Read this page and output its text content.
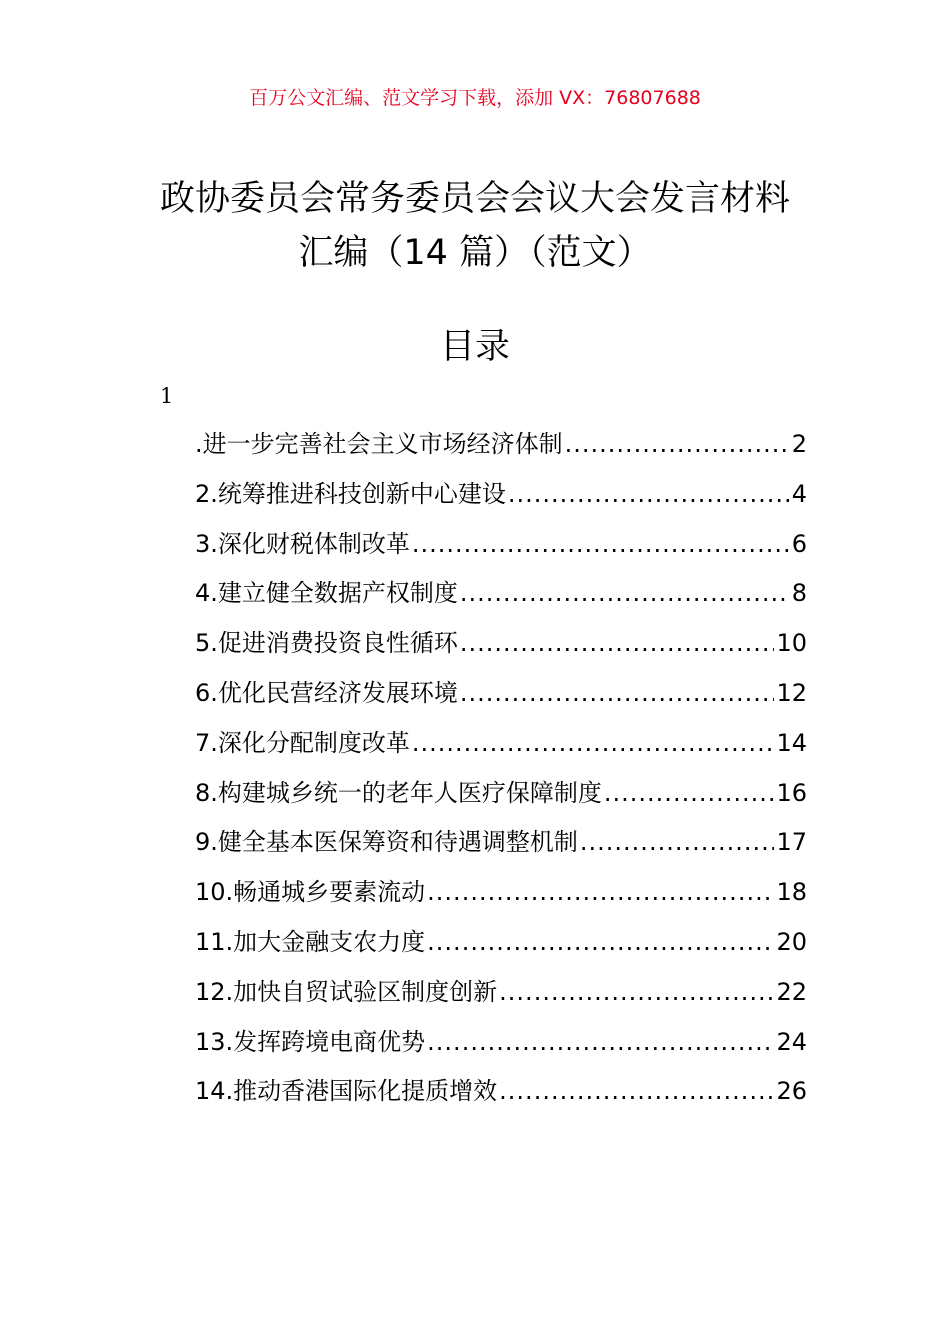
百万公文汇编、范文学习下载，添加 VX：76807688
政协委员会常务委员会会议大会发言材料
汇编（14 篇）（范文）
目录
1
.进一步完善社会主义市场经济体制 .....	2
2.统筹推进科技创新中心建设 .....	4
3.深化财税体制改革 .....	6
4.建立健全数据产权制度 .....	8
5.促进消费投资良性循环 .....	10
6.优化民营经济发展环境 .....	12
7.深化分配制度改革 .....	14
8.构建城乡统一的老年人医疗保障制度 .....	16
9.健全基本医保筹资和待遇调整机制 .....	17
10.畅通城乡要素流动 .....	18
11.加大金融支农力度 .....	20
12.加快自贸试验区制度创新 .....	22
13.发挥跨境电商优势 .....	24
14.推动香港国际化提质增效 .....	26
